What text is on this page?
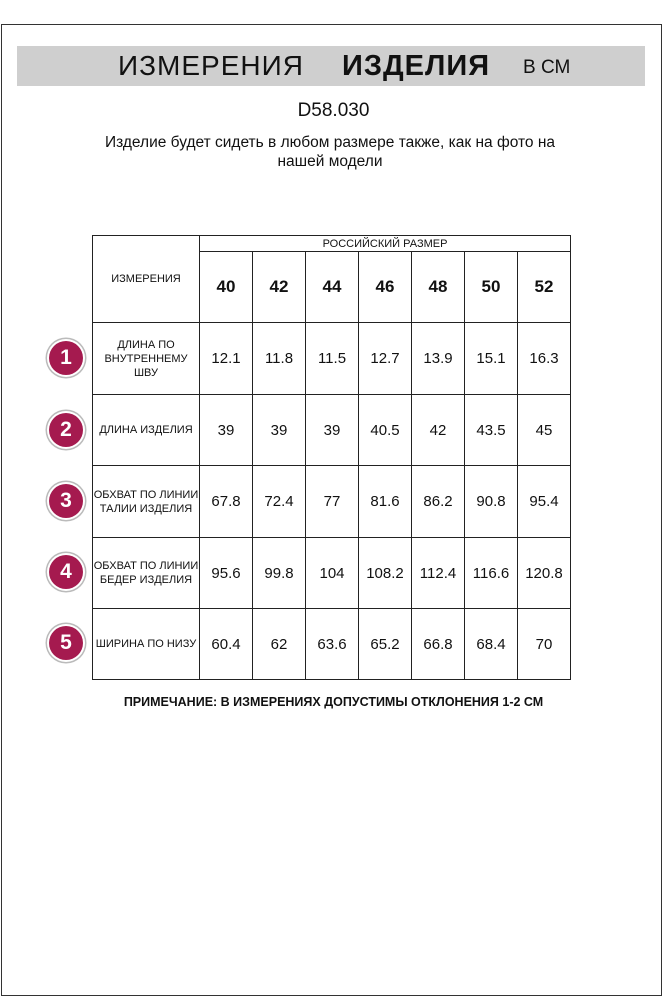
ИЗМЕРЕНИЯ ИЗДЕЛИЯ В СМ
D58.030
Изделие будет сидеть в любом размере также, как на фото на нашей модели
ИЗМЕРЕНИЯ	РОССИЙСКИЙ РАЗМЕР						
	40	42	44	46	48	50	52
ДЛИНА ПО ВНУТРЕННЕМУ ШВУ	12.1	11.8	11.5	12.7	13.9	15.1	16.3
ДЛИНА ИЗДЕЛИЯ	39	39	39	40.5	42	43.5	45
ОБХВАТ ПО ЛИНИИ ТАЛИИ ИЗДЕЛИЯ	67.8	72.4	77	81.6	86.2	90.8	95.4
ОБХВАТ ПО ЛИНИИ БЕДЕР ИЗДЕЛИЯ	95.6	99.8	104	108.2	112.4	116.6	120.8
ШИРИНА ПО НИЗУ	60.4	62	63.6	65.2	66.8	68.4	70
1
2
3
4
5
ПРИМЕЧАНИЕ: В ИЗМЕРЕНИЯХ ДОПУСТИМЫ ОТКЛОНЕНИЯ 1-2 СМ
